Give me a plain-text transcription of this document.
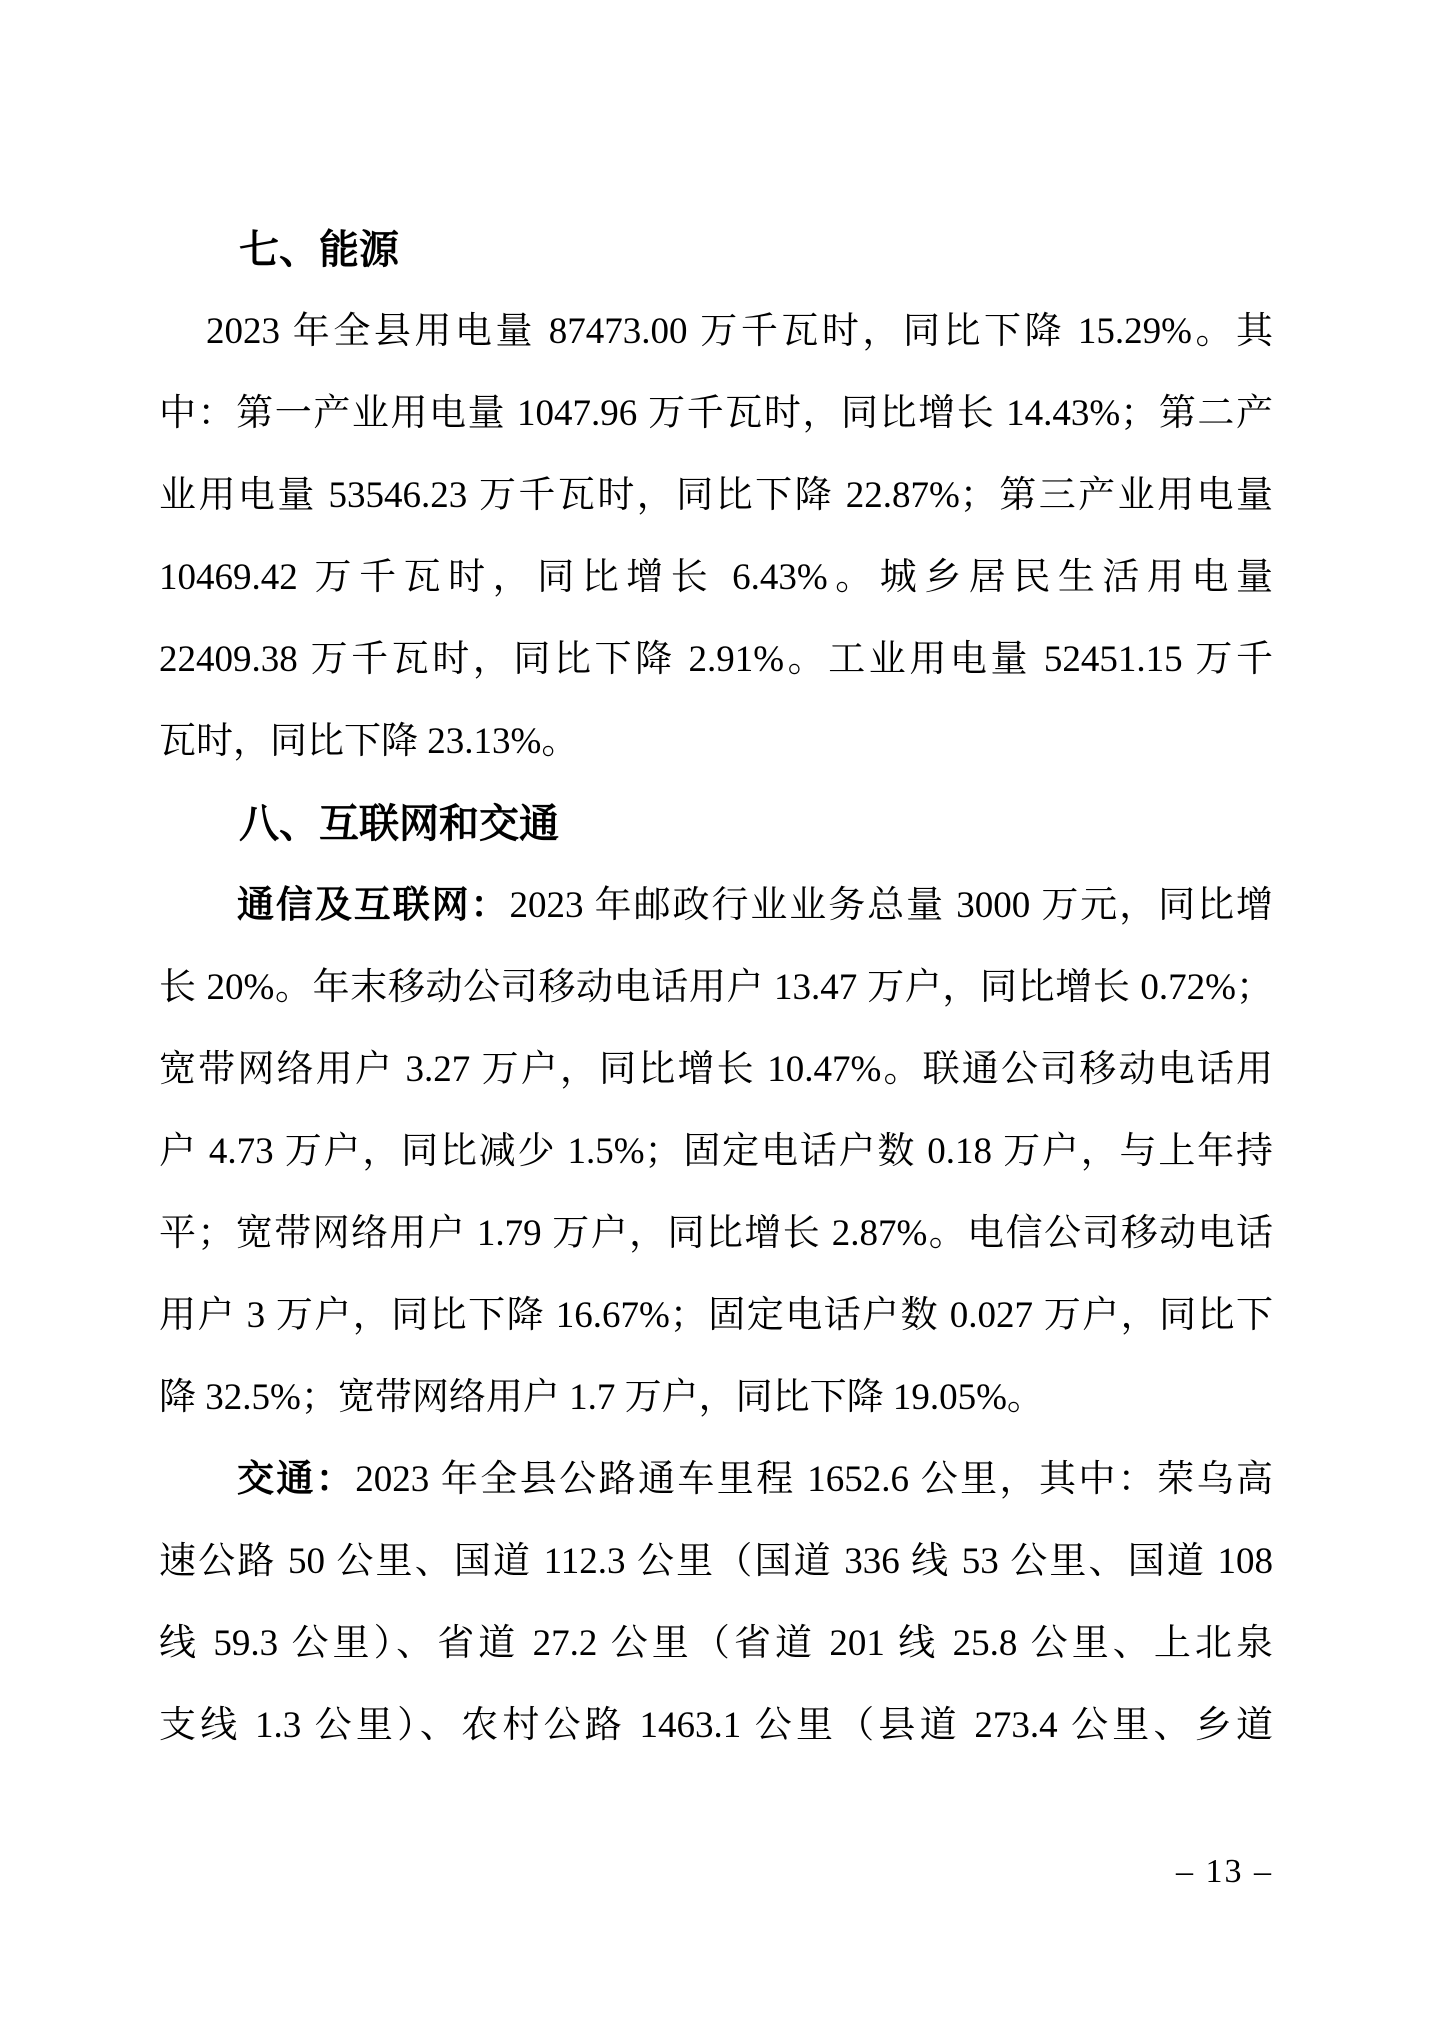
七、能源
2023 年全县用电量 87473.00 万千瓦时，同比下降 15.29%。其
中：第一产业用电量 1047.96 万千瓦时，同比增长 14.43%；第二产
业用电量 53546.23 万千瓦时，同比下降 22.87%；第三产业用电量
10469.42 万千瓦时，同比增长 6.43%。城乡居民生活用电量
22409.38 万千瓦时，同比下降 2.91%。工业用电量 52451.15 万千
瓦时，同比下降 23.13%。
八、互联网和交通
通信及互联网：2023 年邮政行业业务总量 3000 万元，同比增
长 20%。年末移动公司移动电话用户 13.47 万户，同比增长 0.72%；
宽带网络用户 3.27 万户，同比增长 10.47%。联通公司移动电话用
户 4.73 万户，同比减少 1.5%；固定电话户数 0.18 万户，与上年持
平；宽带网络用户 1.79 万户，同比增长 2.87%。电信公司移动电话
用户 3 万户，同比下降 16.67%；固定电话户数 0.027 万户，同比下
降 32.5%；宽带网络用户 1.7 万户，同比下降 19.05%。
交通：2023 年全县公路通车里程 1652.6 公里，其中：荣乌高
速公路 50 公里、国道 112.3 公里（国道 336 线 53 公里、国道 108
线 59.3 公里）、省道 27.2 公里（省道 201 线 25.8 公里、上北泉
支线 1.3 公里）、农村公路 1463.1 公里（县道 273.4 公里、乡道
– 13 –
